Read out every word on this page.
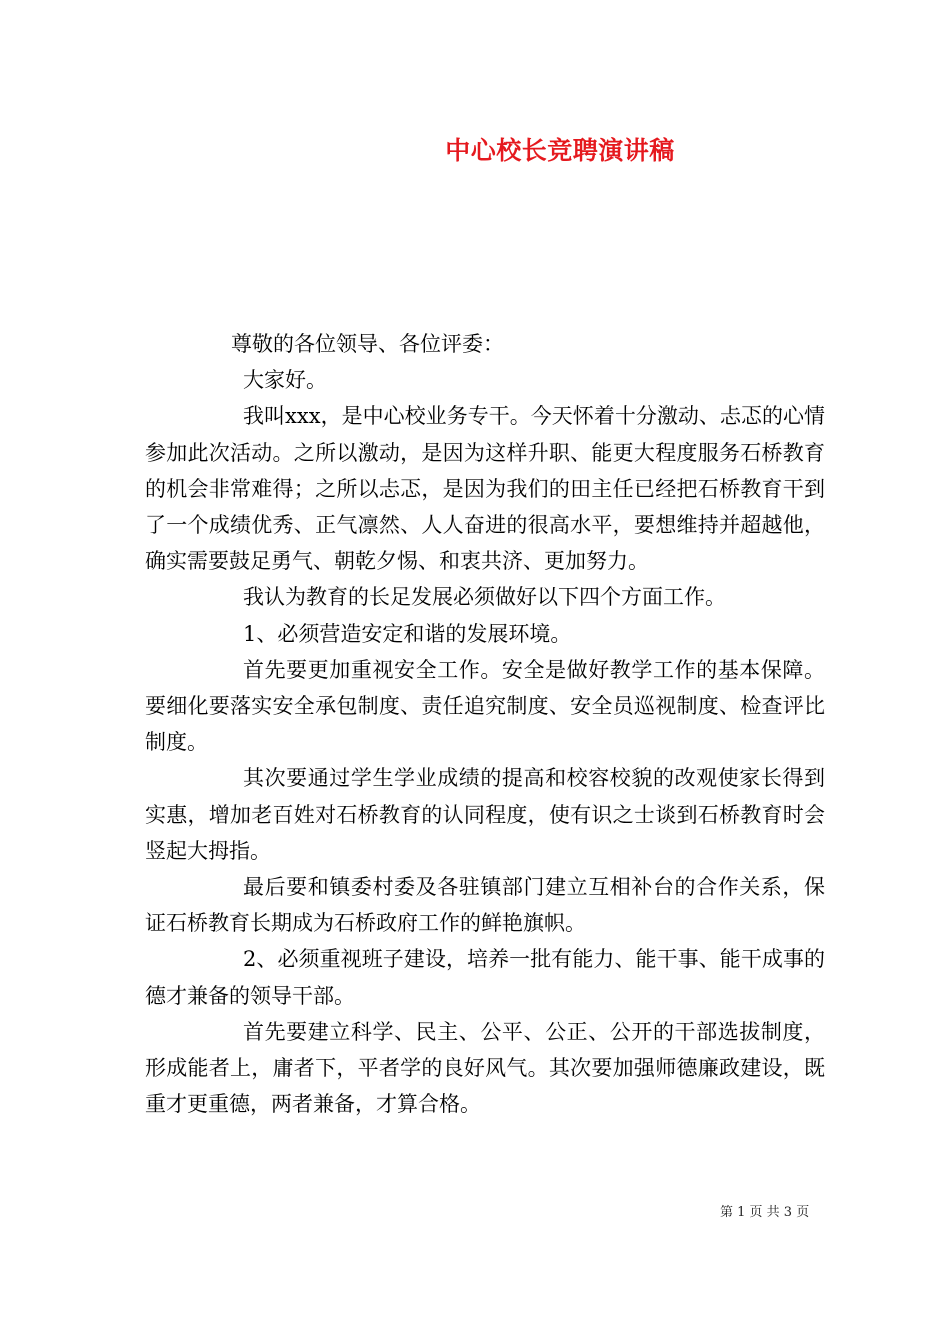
中心校长竞聘演讲稿

尊敬的各位领导、各位评委：

大家好。

我叫xxx，是中心校业务专干。今天怀着十分激动、忐忑的心情参加此次活动。之所以激动，是因为这样升职、能更大程度服务石桥教育的机会非常难得；之所以忐忑，是因为我们的田主任已经把石桥教育干到了一个成绩优秀、正气凛然、人人奋进的很高水平，要想维持并超越他，确实需要鼓足勇气、朝乾夕惕、和衷共济、更加努力。

我认为教育的长足发展必须做好以下四个方面工作。

1、必须营造安定和谐的发展环境。

首先要更加重视安全工作。安全是做好教学工作的基本保障。要细化要落实安全承包制度、责任追究制度、安全员巡视制度、检查评比制度。

其次要通过学生学业成绩的提高和校容校貌的改观使家长得到实惠，增加老百姓对石桥教育的认同程度，使有识之士谈到石桥教育时会竖起大拇指。

最后要和镇委村委及各驻镇部门建立互相补台的合作关系，保证石桥教育长期成为石桥政府工作的鲜艳旗帜。

2、必须重视班子建设，培养一批有能力、能干事、能干成事的德才兼备的领导干部。

首先要建立科学、民主、公平、公正、公开的干部选拔制度，形成能者上，庸者下，平者学的良好风气。其次要加强师德廉政建设，既重才更重德，两者兼备，才算合格。

第 1 页 共 3 页
